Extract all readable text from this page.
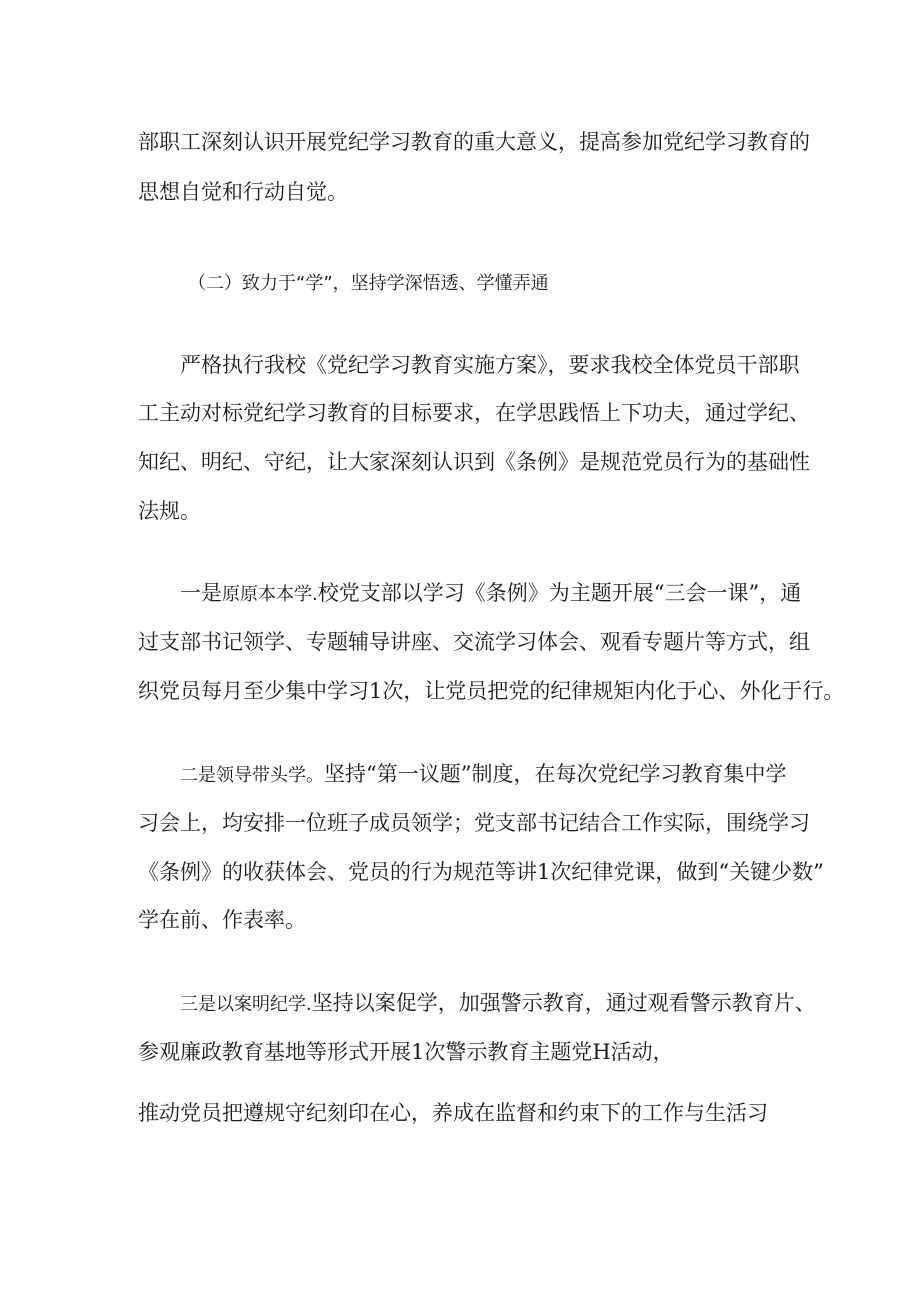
部职工深刻认识开展党纪学习教育的重大意义，提高参加党纪学习教育的
思想自觉和行动自觉。
（二）致力于“学”，坚持学深悟透、学懂弄通
严格执行我校《党纪学习教育实施方案》，要求我校全体党员干部职
工主动对标党纪学习教育的目标要求，在学思践悟上下功夫，通过学纪、
知纪、明纪、守纪，让大家深刻认识到《条例》是规范党员行为的基础性
法规。
一是原原本本学.校党支部以学习《条例》为主题开展“三会一课”，通
过支部书记领学、专题辅导讲座、交流学习体会、观看专题片等方式，组
织党员每月至少集中学习1次，让党员把党的纪律规矩内化于心、外化于行。
二是领导带头学。坚持“第一议题”制度，在每次党纪学习教育集中学
习会上，均安排一位班子成员领学；党支部书记结合工作实际，围绕学习
《条例》的收获体会、党员的行为规范等讲1次纪律党课，做到“关键少数”
学在前、作表率。
三是以案明纪学.坚持以案促学，加强警示教育，通过观看警示教育片、
参观廉政教育基地等形式开展1次警示教育主题党H活动，
推动党员把遵规守纪刻印在心，养成在监督和约束下的工作与生活习
